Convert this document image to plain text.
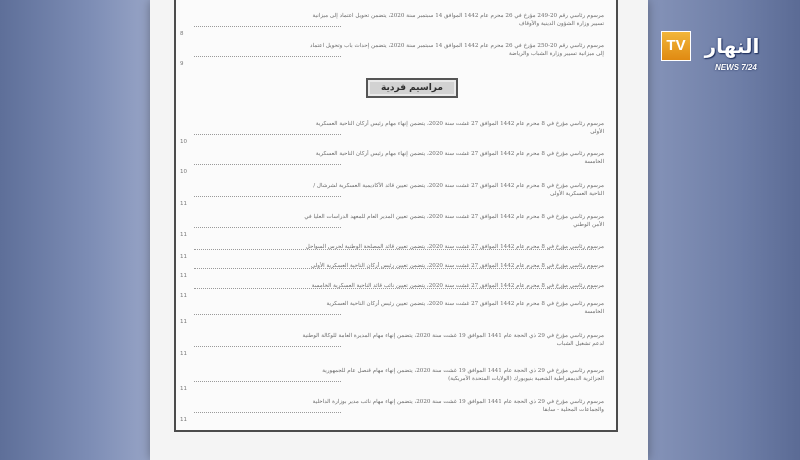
مرسوم رئاسي رقم 20-249 مؤرخ في 26 محرم عام 1442 الموافق 14 سبتمبر سنة 2020، يتضمن تحويل اعتماد إلى ميزانية
تسيير وزارة الشؤون الدينية والأوقاف
8
مرسوم رئاسي رقم 20-250 مؤرخ في 26 محرم عام 1442 الموافق 14 سبتمبر سنة 2020، يتضمن إحداث باب وتحويل اعتماد
إلى ميزانية تسيير وزارة الشباب والرياضة
9
مرسوم رئاسي مؤرخ في 8 محرم عام 1442 الموافق 27 غشت سنة 2020، يتضمن إنهاء مهام رئيس أركان الناحية العسكرية
الأولى
10
مرسوم رئاسي مؤرخ في 8 محرم عام 1442 الموافق 27 غشت سنة 2020، يتضمن إنهاء مهام رئيس أركان الناحية العسكرية
الخامسة
10
مرسوم رئاسي مؤرخ في 8 محرم عام 1442 الموافق 27 غشت سنة 2020، يتضمن تعيين قائد الأكاديمية العسكرية لشرشال /
الناحية العسكرية الأولى
11
مرسوم رئاسي مؤرخ في 8 محرم عام 1442 الموافق 27 غشت سنة 2020، يتضمن تعيين المدير العام للمعهد الدراسات العليا في
الأمن الوطني
11
مرسوم رئاسي مؤرخ في 8 محرم عام 1442 الموافق 27 غشت سنة 2020، يتضمن تعيين قائد المصلحة الوطنية لحرس السواحل
11
مرسوم رئاسي مؤرخ في 8 محرم عام 1442 الموافق 27 غشت سنة 2020، يتضمن تعيين رئيس أركان الناحية العسكرية الأولى
11
مرسوم رئاسي مؤرخ في 8 محرم عام 1442 الموافق 27 غشت سنة 2020، يتضمن تعيين نائب قائد الناحية العسكرية الخامسة
11
مرسوم رئاسي مؤرخ في 8 محرم عام 1442 الموافق 27 غشت سنة 2020، يتضمن تعيين رئيس أركان الناحية العسكرية
الخامسة
11
مرسوم رئاسي مؤرخ في 29 ذي الحجة عام 1441 الموافق 19 غشت سنة 2020، يتضمن إنهاء مهام المديرة العامة للوكالة الوطنية
لدعم تشغيل الشباب
11
مرسوم رئاسي مؤرخ في 29 ذي الحجة عام 1441 الموافق 19 غشت سنة 2020، يتضمن إنهاء مهام قنصل عام للجمهورية
الجزائرية الديمقراطية الشعبية بنيويورك (الولايات المتحدة الأمريكية)
11
مرسوم رئاسي مؤرخ في 29 ذي الحجة عام 1441 الموافق 19 غشت سنة 2020، يتضمن إنهاء مهام نائب مدير بوزارة الداخلية
والجماعات المحلية - سابقا
11
مراسيم فردية
TV النهار
NEWS 7/24
